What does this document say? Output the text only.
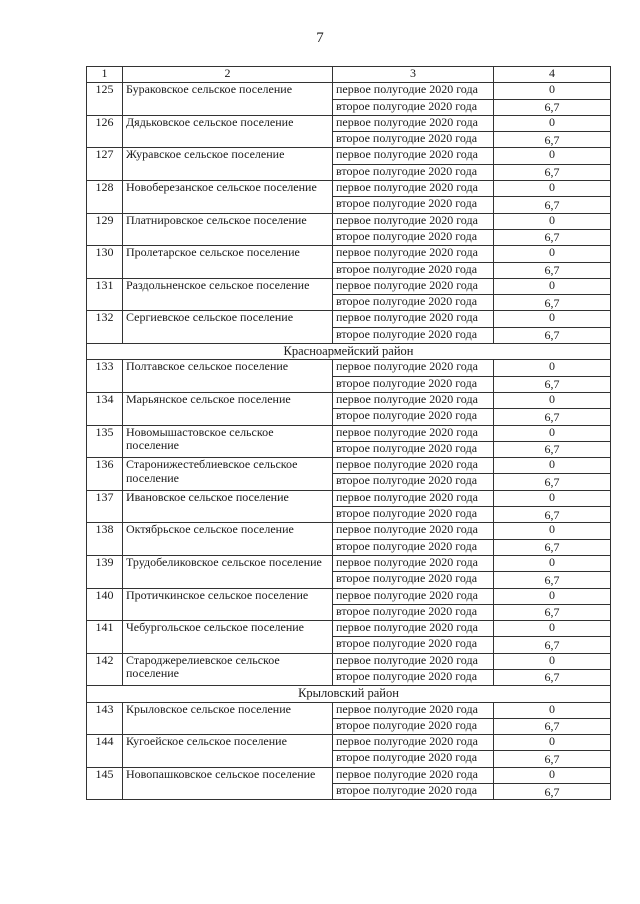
7
1	2	3	4
125	Бураковское сельское поселение	первое полугодие 2020 года	0
		второе полугодие 2020 года	6,7
126	Дядьковское сельское поселение	первое полугодие 2020 года	0
		второе полугодие 2020 года	6,7
127	Журавское сельское поселение	первое полугодие 2020 года	0
		второе полугодие 2020 года	6,7
128	Новоберезанское сельское поселение	первое полугодие 2020 года	0
		второе полугодие 2020 года	6,7
129	Платнировское сельское поселение	первое полугодие 2020 года	0
		второе полугодие 2020 года	6,7
130	Пролетарское сельское поселение	первое полугодие 2020 года	0
		второе полугодие 2020 года	6,7
131	Раздольненское сельское поселение	первое полугодие 2020 года	0
		второе полугодие 2020 года	6,7
132	Сергиевское сельское поселение	первое полугодие 2020 года	0
		второе полугодие 2020 года	6,7
Красноармейский район			
133	Полтавское сельское поселение	первое полугодие 2020 года	0
		второе полугодие 2020 года	6,7
134	Марьянское сельское поселение	первое полугодие 2020 года	0
		второе полугодие 2020 года	6,7
135	Новомышастовское сельское поселение	первое полугодие 2020 года	0
		второе полугодие 2020 года	6,7
136	Старонижестеблиевское сельское поселение	первое полугодие 2020 года	0
		второе полугодие 2020 года	6,7
137	Ивановское сельское поселение	первое полугодие 2020 года	0
		второе полугодие 2020 года	6,7
138	Октябрьское сельское поселение	первое полугодие 2020 года	0
		второе полугодие 2020 года	6,7
139	Трудобеликовское сельское поселение	первое полугодие 2020 года	0
		второе полугодие 2020 года	6,7
140	Протичкинское сельское поселение	первое полугодие 2020 года	0
		второе полугодие 2020 года	6,7
141	Чебургольское сельское поселение	первое полугодие 2020 года	0
		второе полугодие 2020 года	6,7
142	Староджерелиевское сельское поселение	первое полугодие 2020 года	0
		второе полугодие 2020 года	6,7
Крыловский район			
143	Крыловское сельское поселение	первое полугодие 2020 года	0
		второе полугодие 2020 года	6,7
144	Кугоейское сельское поселение	первое полугодие 2020 года	0
		второе полугодие 2020 года	6,7
145	Новопашковское сельское поселение	первое полугодие 2020 года	0
		второе полугодие 2020 года	6,7
